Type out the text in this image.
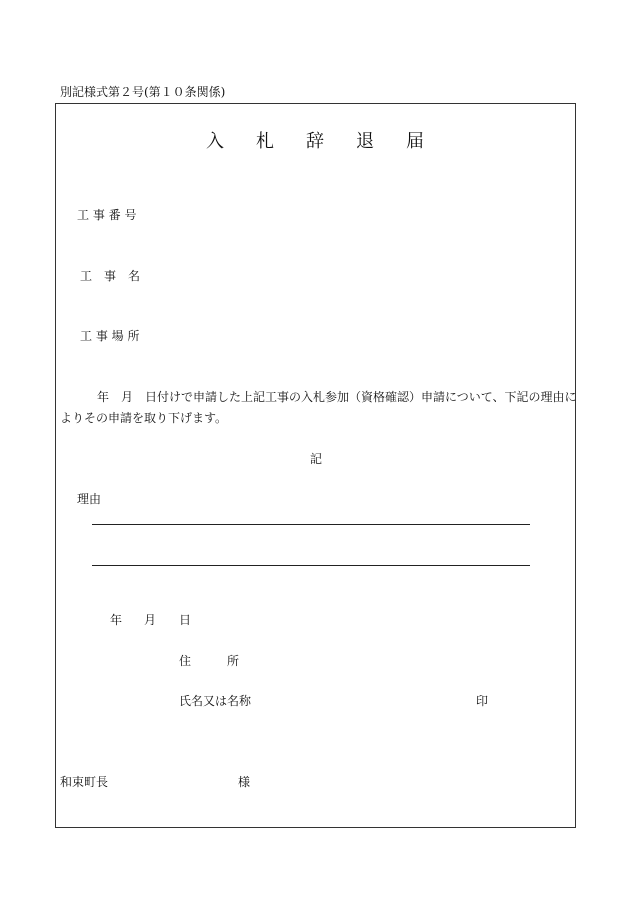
別記様式第２号(第１０条関係)
入札辞退届
工 事 番 号
工　事　名
工 事 場 所
年　月　日付けで申請した上記工事の入札参加（資格確認）申請について、下記の理由に
よりその申請を取り下げます。
記
理由
年 月 日
住　　　所
氏名又は名称	印
和束町長	様
